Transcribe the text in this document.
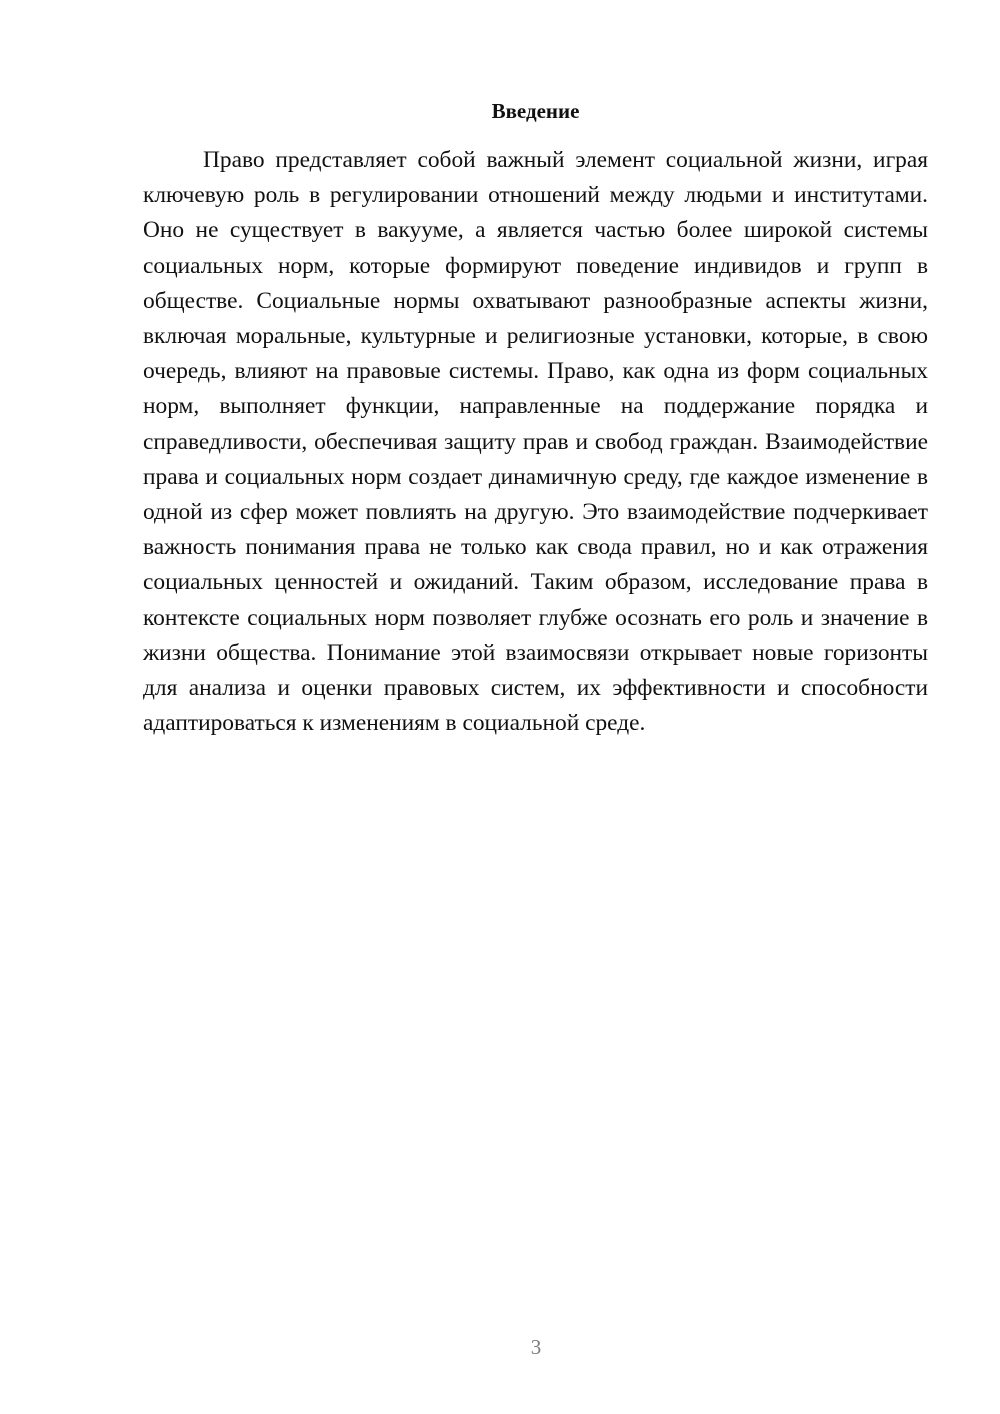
Введение

Право представляет собой важный элемент социальной жизни, играя ключевую роль в регулировании отношений между людьми и институтами. Оно не существует в вакууме, а является частью более широкой системы социальных норм, которые формируют поведение индивидов и групп в обществе. Социальные нормы охватывают разнообразные аспекты жизни, включая моральные, культурные и религиозные установки, которые, в свою очередь, влияют на правовые системы. Право, как одна из форм социальных норм, выполняет функции, направленные на поддержание порядка и справедливости, обеспечивая защиту прав и свобод граждан. Взаимодействие права и социальных норм создает динамичную среду, где каждое изменение в одной из сфер может повлиять на другую. Это взаимодействие подчеркивает важность понимания права не только как свода правил, но и как отражения социальных ценностей и ожиданий. Таким образом, исследование права в контексте социальных норм позволяет глубже осознать его роль и значение в жизни общества. Понимание этой взаимосвязи открывает новые горизонты для анализа и оценки правовых систем, их эффективности и способности адаптироваться к изменениям в социальной среде.

3
